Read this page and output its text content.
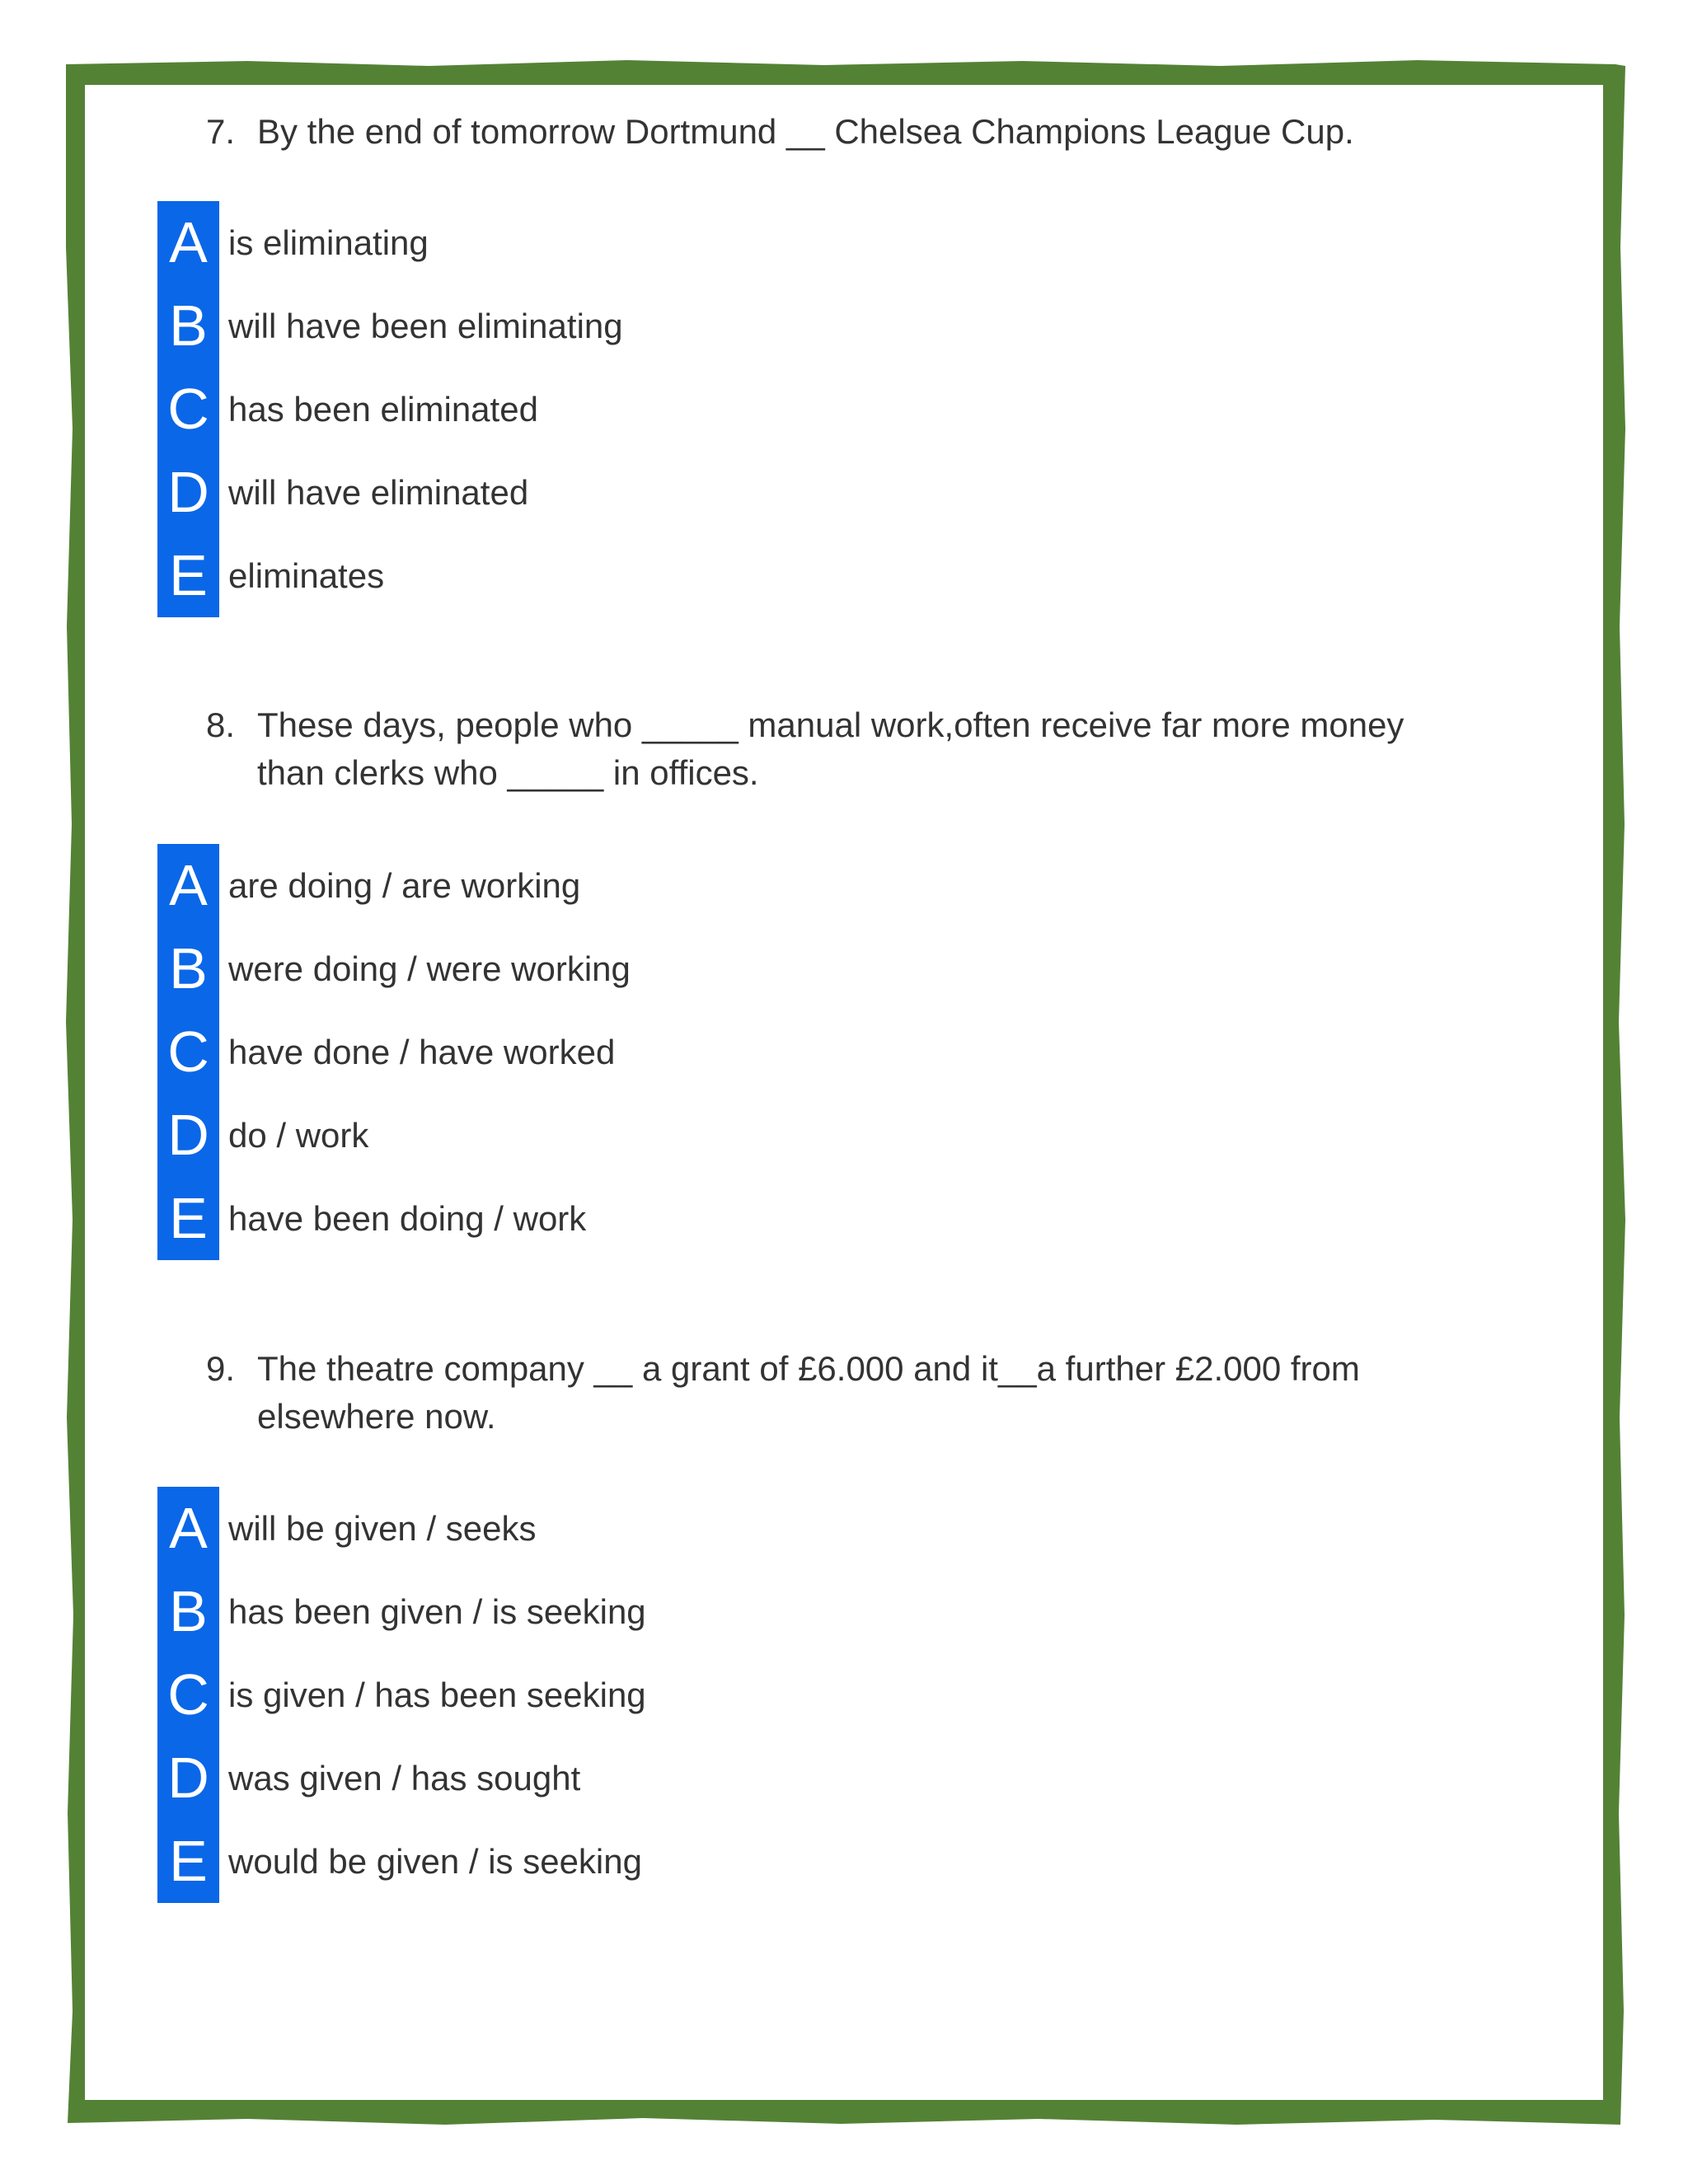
7. By the end of tomorrow Dortmund __ Chelsea Champions League Cup.
A is eliminating
B will have been eliminating
C has been eliminated
D will have eliminated
E eliminates
8. These days, people who _____ manual work,often receive far more money than clerks who _____ in offices.
A are doing / are working
B were doing / were working
C have done / have worked
D do / work
E have been doing / work
9. The theatre company __ a grant of £6.000 and it__a further £2.000 from elsewhere now.
A will be given / seeks
B has been given / is seeking
C is given / has been seeking
D was given / has sought
E would be given / is seeking
